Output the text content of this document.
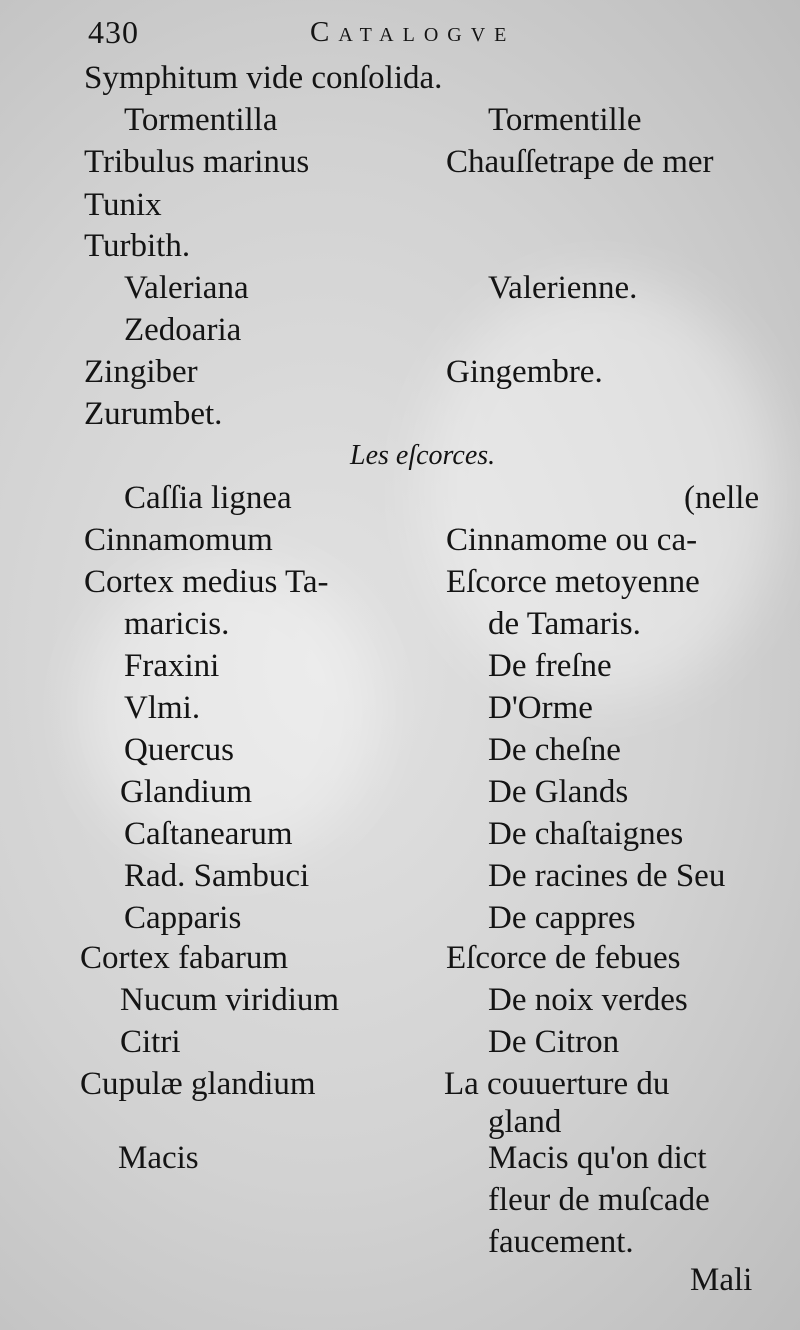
430	Catalogve
Symphitum vide conſolida.
Tormentilla	Tormentille
Tribulus marinus	Chauſſetrape de mer
Tunix
Turbith.
Valeriana	Valerienne.
Zedoaria
Zingiber	Gingembre.
Zurumbet.
Les eſcorces.
Caſſia lignea	(nelle
Cinnamomum	Cinnamome ou ca-
Cortex medius Ta-	Eſcorce metoyenne
maricis.	de Tamaris.
Fraxini	De freſne
Vlmi.	D'Orme
Quercus	De cheſne
Glandium	De Glands
Caſtanearum	De chaſtaignes
Rad. Sambuci	De racines de Seu
Capparis	De cappres
Cortex fabarum	Eſcorce de febues
Nucum viridium	De noix verdes
Citri	De Citron
Cupulæ glandium	La couuerture du
gland
Macis	Macis qu'on dict
fleur de muſcade
faucement.
Mali
